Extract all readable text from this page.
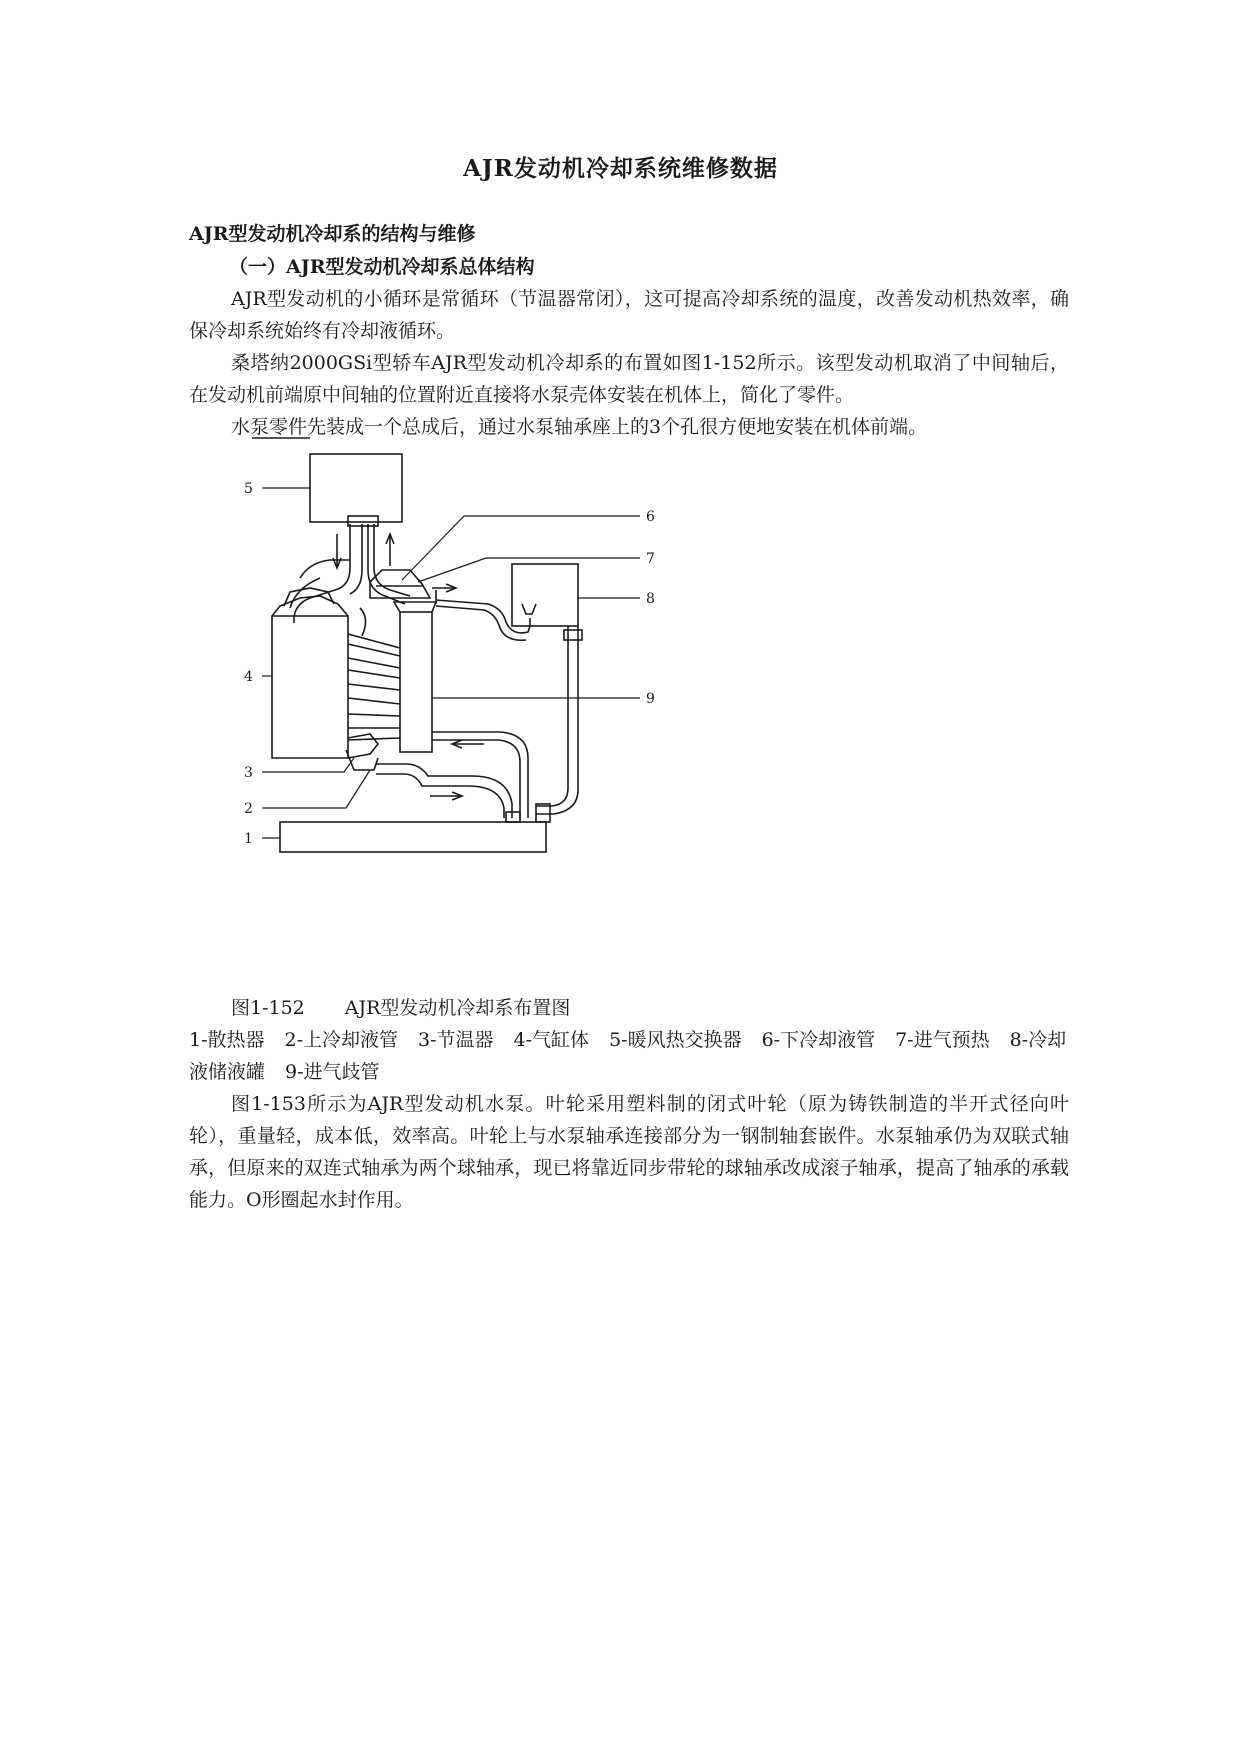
AJR发动机冷却系统维修数据
AJR型发动机冷却系的结构与维修
（一）AJR型发动机冷却系总体结构

AJR型发动机的小循环是常循环（节温器常闭），这可提高冷却系统的温度，改善发动机热效率，确保冷却系统始终有冷却液循环。

桑塔纳2000GSi型轿车AJR型发动机冷却系的布置如图1-152所示。该型发动机取消了中间轴后，在发动机前端原中间轴的位置附近直接将水泵壳体安装在机体上，简化了零件。

水泵零件先装成一个总成后，通过水泵轴承座上的3个孔很方便地安装在机体前端。

5
6
7
8
9
4
3
2
1
图1-152 AJR型发动机冷却系布置图

1-散热器 2-上冷却液管 3-节温器 4-气缸体 5-暖风热交换器 6-下冷却液管 7-进气预热 8-冷却液储液罐 9-进气歧管

图1-153所示为AJR型发动机水泵。叶轮采用塑料制的闭式叶轮（原为铸铁制造的半开式径向叶轮），重量轻，成本低，效率高。叶轮上与水泵轴承连接部分为一钢制轴套嵌件。水泵轴承仍为双联式轴承，但原来的双连式轴承为两个球轴承，现已将靠近同步带轮的球轴承改成滚子轴承，提高了轴承的承载能力。O形圈起水封作用。
